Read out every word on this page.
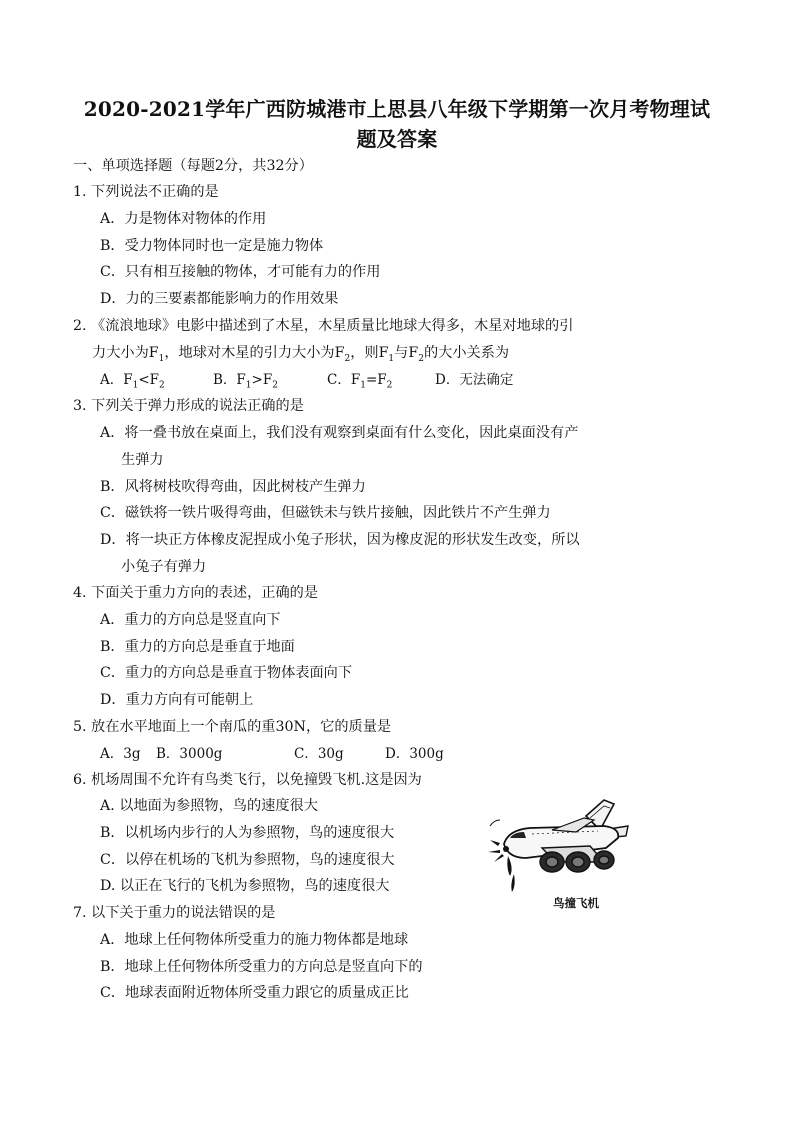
2020-2021学年广西防城港市上思县八年级下学期第一次月考物理试
题及答案
一、单项选择题（每题2分，共32分）
1. 下列说法不正确的是
A．力是物体对物体的作用
B．受力物体同时也一定是施力物体
C．只有相互接触的物体，才可能有力的作用
D．力的三要素都能影响力的作用效果
2. 《流浪地球》电影中描述到了木星，木星质量比地球大得多，木星对地球的引
力大小为$F_1$，地球对木星的引力大小为$F_2$，则$F_1$与$F_2$的大小关系为
A．$F_1<F_2$	B．$F_1>F_2$	C．$F_1=F_2$	D．无法确定
3. 下列关于弹力形成的说法正确的是
A．将一叠书放在桌面上，我们没有观察到桌面有什么变化，因此桌面没有产
生弹力
B．风将树枝吹得弯曲，因此树枝产生弹力
C．磁铁将一铁片吸得弯曲，但磁铁未与铁片接触，因此铁片不产生弹力
D．将一块正方体橡皮泥捏成小兔子形状，因为橡皮泥的形状发生改变，所以
小兔子有弹力
4. 下面关于重力方向的表述，正确的是
A．重力的方向总是竖直向下
B．重力的方向总是垂直于地面
C．重力的方向总是垂直于物体表面向下
D．重力方向有可能朝上
5. 放在水平地面上一个南瓜的重30N，它的质量是
A．3g B．3000g	C．30g	D．300g
6. 机场周围不允许有鸟类飞行，以免撞毁飞机.这是因为
A. 以地面为参照物，鸟的速度很大
B．以机场内步行的人为参照物，鸟的速度很大
C．以停在机场的飞机为参照物，鸟的速度很大
D. 以正在飞行的飞机为参照物，鸟的速度很大
鸟撞飞机
7. 以下关于重力的说法错误的是
A．地球上任何物体所受重力的施力物体都是地球
B．地球上任何物体所受重力的方向总是竖直向下的
C．地球表面附近物体所受重力跟它的质量成正比
